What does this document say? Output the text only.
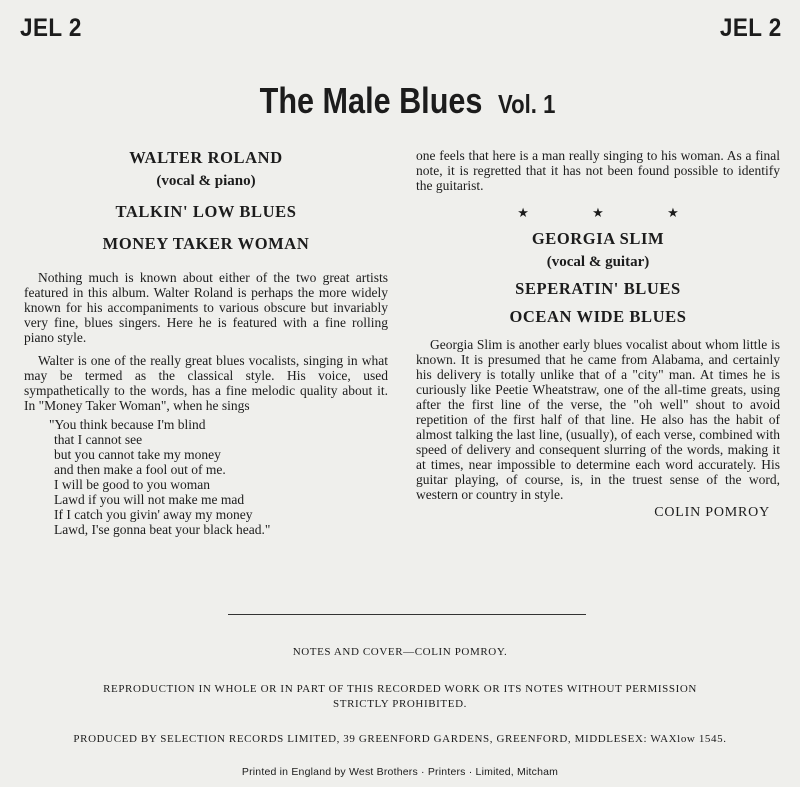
JEL 2	JEL 2
The Male Blues Vol. 1
WALTER ROLAND
(vocal & piano)
TALKIN' LOW BLUES
MONEY TAKER WOMAN

Nothing much is known about either of the two great artists featured in this album. Walter Roland is perhaps the more widely known for his accompaniments to various obscure but invariably very fine, blues singers. Here he is featured with a fine rolling piano style.

Walter is one of the really great blues vocalists, singing in what may be termed as the classical style. His voice, used sympathetically to the words, has a fine melodic quality about it. In "Money Taker Woman", when he sings

"You think because I'm blind
that I cannot see
but you cannot take my money
and then make a fool out of me.
I will be good to you woman
Lawd if you will not make me mad
If I catch you givin' away my money
Lawd, I'se gonna beat your black head."

one feels that here is a man really singing to his woman. As a final note, it is regretted that it has not been found possible to identify the guitarist.

★ ★ ★
GEORGIA SLIM
(vocal & guitar)
SEPERATIN' BLUES
OCEAN WIDE BLUES

Georgia Slim is another early blues vocalist about whom little is known. It is presumed that he came from Alabama, and certainly his delivery is totally unlike that of a "city" man. At times he is curiously like Peetie Wheatstraw, one of the all-time greats, using after the first line of the verse, the "oh well" shout to avoid repetition of the first half of that line. He also has the habit of almost talking the last line, (usually), of each verse, combined with speed of delivery and consequent slurring of the words, making it at times, near impossible to determine each word accurately. His guitar playing, of course, is, in the truest sense of the word, western or country in style.

COLIN POMROY
NOTES AND COVER—COLIN POMROY.
REPRODUCTION IN WHOLE OR IN PART OF THIS RECORDED WORK OR ITS NOTES WITHOUT PERMISSION
STRICTLY PROHIBITED.
PRODUCED BY SELECTION RECORDS LIMITED, 39 GREENFORD GARDENS, GREENFORD, MIDDLESEX: WAXlow 1545.
Printed in England by West Brothers · Printers · Limited, Mitcham
